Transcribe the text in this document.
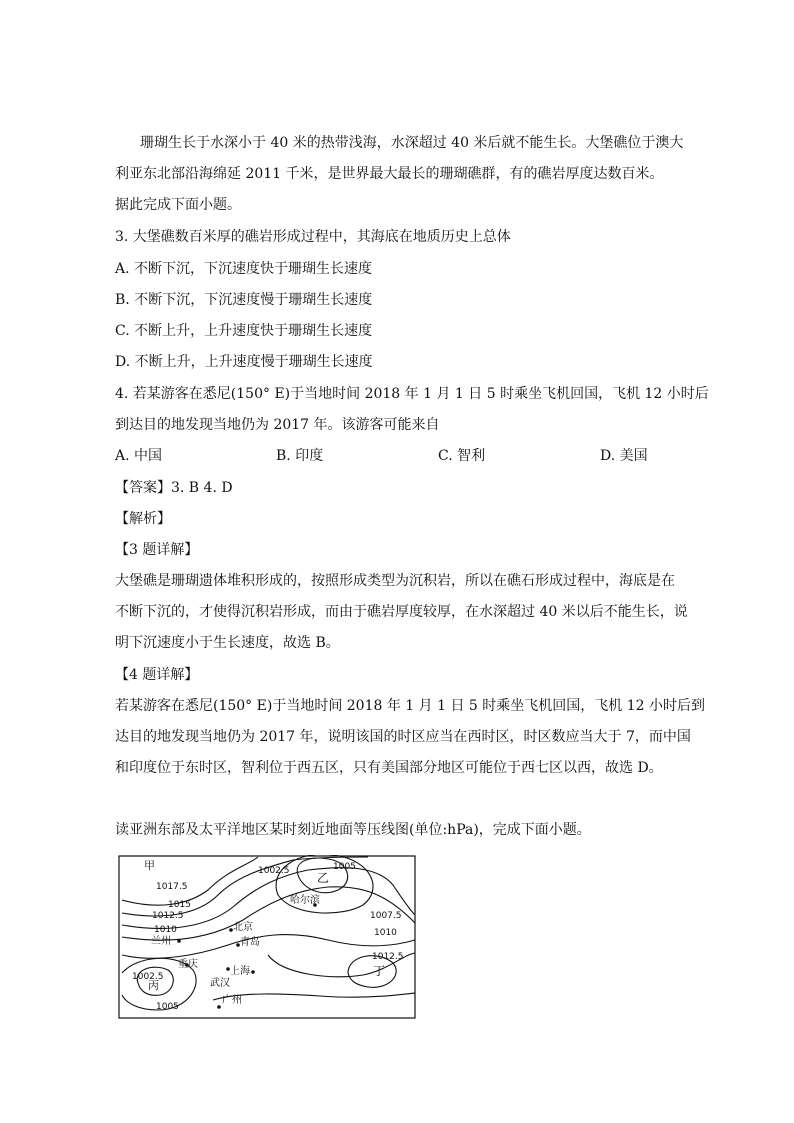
珊瑚生长于水深小于 40 米的热带浅海，水深超过 40 米后就不能生长。大堡礁位于澳大
利亚东北部沿海绵延 2011 千米，是世界最大最长的珊瑚礁群，有的礁岩厚度达数百米。
据此完成下面小题。
3. 大堡礁数百米厚的礁岩形成过程中，其海底在地质历史上总体
A. 不断下沉，下沉速度快于珊瑚生长速度
B. 不断下沉，下沉速度慢于珊瑚生长速度
C. 不断上升，上升速度快于珊瑚生长速度
D. 不断上升，上升速度慢于珊瑚生长速度
4. 若某游客在悉尼(150° E)于当地时间 2018 年 1 月 1 日 5 时乘坐飞机回国，飞机 12 小时后
到达目的地发现当地仍为 2017 年。该游客可能来自
A. 中国	B. 印度	C. 智利	D. 美国
【答案】3. B 4. D
【解析】
【3 题详解】
大堡礁是珊瑚遗体堆积形成的，按照形成类型为沉积岩，所以在礁石形成过程中，海底是在
不断下沉的，才使得沉积岩形成，而由于礁岩厚度较厚，在水深超过 40 米以后不能生长，说
明下沉速度小于生长速度，故选 B。
【4 题详解】
若某游客在悉尼(150° E)于当地时间 2018 年 1 月 1 日 5 时乘坐飞机回国，飞机 12 小时后到
达目的地发现当地仍为 2017 年，说明该国的时区应当在西时区，时区数应当大于 7，而中国
和印度位于东时区，智利位于西五区，只有美国部分地区可能位于西七区以西，故选 D。
读亚洲东部及太平洋地区某时刻近地面等压线图(单位:hPa)，完成下面小题。
1017.5
1015
1012.5
1010
1002.5	1005
1007.5
1010
1012.5
1002.5
1005
甲
乙
丙
丁
哈尔滨
北京
兰州	青岛
重庆
上海
武汉
广州
